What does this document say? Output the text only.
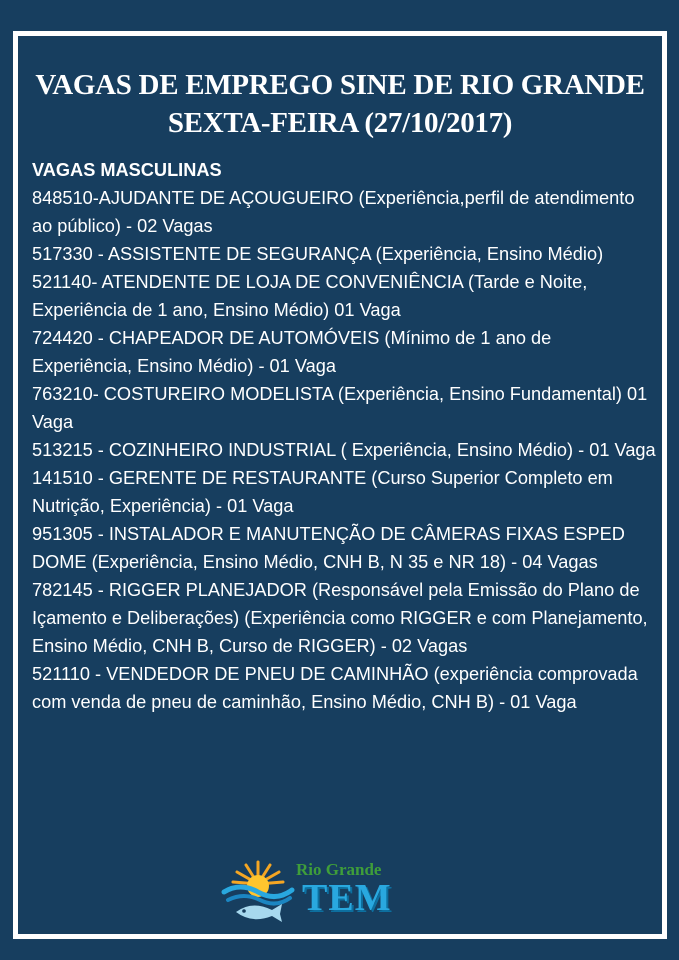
VAGAS DE EMPREGO SINE DE RIO GRANDE
SEXTA-FEIRA (27/10/2017)
VAGAS MASCULINAS

848510-AJUDANTE DE AÇOUGUEIRO (Experiência,perfil de atendimento ao público) - 02 Vagas

517330 - ASSISTENTE DE SEGURANÇA (Experiência, Ensino Médio)

521140- ATENDENTE DE LOJA DE CONVENIÊNCIA (Tarde e Noite, Experiência de 1 ano, Ensino Médio) 01 Vaga

724420 - CHAPEADOR DE AUTOMÓVEIS (Mínimo de 1 ano de Experiência, Ensino Médio) - 01 Vaga

763210- COSTUREIRO MODELISTA (Experiência, Ensino Fundamental) 01 Vaga

513215 - COZINHEIRO INDUSTRIAL ( Experiência, Ensino Médio) - 01 Vaga

141510 - GERENTE DE RESTAURANTE (Curso Superior Completo em Nutrição, Experiência) - 01 Vaga

951305 - INSTALADOR E MANUTENÇÃO DE CÂMERAS FIXAS ESPED DOME (Experiência, Ensino Médio, CNH B, N 35 e NR 18) - 04 Vagas

782145 - RIGGER PLANEJADOR (Responsável pela Emissão do Plano de Içamento e Deliberações) (Experiência como RIGGER e com Planejamento, Ensino Médio, CNH B, Curso de RIGGER) - 02 Vagas

521110 - VENDEDOR DE PNEU DE CAMINHÃO (experiência comprovada com venda de pneu de caminhão, Ensino Médio, CNH B) - 01 Vaga

Rio Grande
TEM
